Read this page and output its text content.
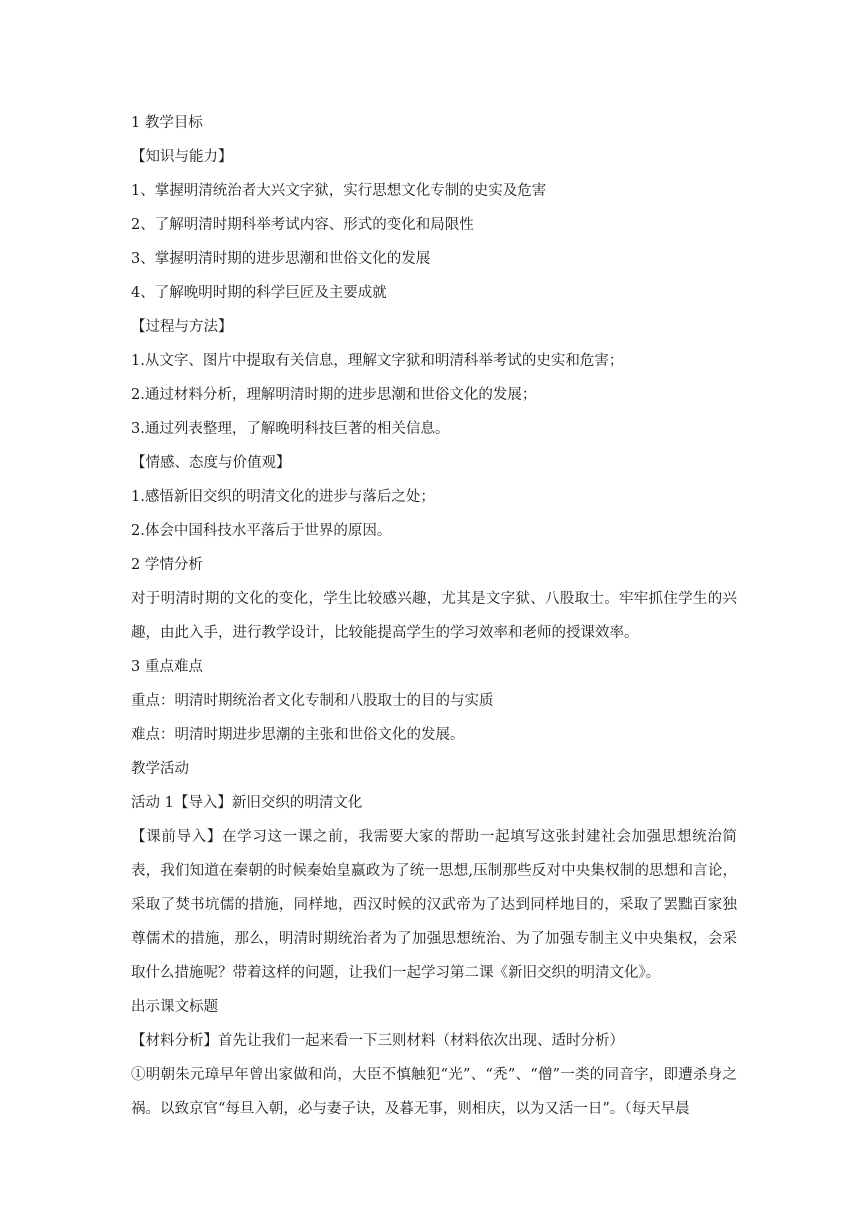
1 教学目标

【知识与能力】

1、掌握明清统治者大兴文字狱，实行思想文化专制的史实及危害

2、了解明清时期科举考试内容、形式的变化和局限性

3、掌握明清时期的进步思潮和世俗文化的发展

4、了解晚明时期的科学巨匠及主要成就

【过程与方法】

1.从文字、图片中提取有关信息，理解文字狱和明清科举考试的史实和危害；

2.通过材料分析，理解明清时期的进步思潮和世俗文化的发展；

3.通过列表整理，了解晚明科技巨著的相关信息。

【情感、态度与价值观】

1.感悟新旧交织的明清文化的进步与落后之处；

2.体会中国科技水平落后于世界的原因。

2 学情分析

对于明清时期的文化的变化，学生比较感兴趣，尤其是文字狱、八股取士。牢牢抓住学生的兴趣，由此入手，进行教学设计，比较能提高学生的学习效率和老师的授课效率。

3 重点难点

重点：明清时期统治者文化专制和八股取士的目的与实质

难点：明清时期进步思潮的主张和世俗文化的发展。

教学活动

活动 1【导入】新旧交织的明清文化

【课前导入】在学习这一课之前，我需要大家的帮助一起填写这张封建社会加强思想统治简表，我们知道在秦朝的时候秦始皇嬴政为了统一思想,压制那些反对中央集权制的思想和言论，采取了焚书坑儒的措施，同样地，西汉时候的汉武帝为了达到同样地目的，采取了罢黜百家独尊儒术的措施，那么，明清时期统治者为了加强思想统治、为了加强专制主义中央集权，会采取什么措施呢？带着这样的问题，让我们一起学习第二课《新旧交织的明清文化》。

出示课文标题

【材料分析】首先让我们一起来看一下三则材料（材料依次出现、适时分析）

①明朝朱元璋早年曾出家做和尚，大臣不慎触犯“光”、“秃”、“僧”一类的同音字，即遭杀身之祸。以致京官“每旦入朝，必与妻子诀，及暮无事，则相庆，以为又活一日”。（每天早晨
